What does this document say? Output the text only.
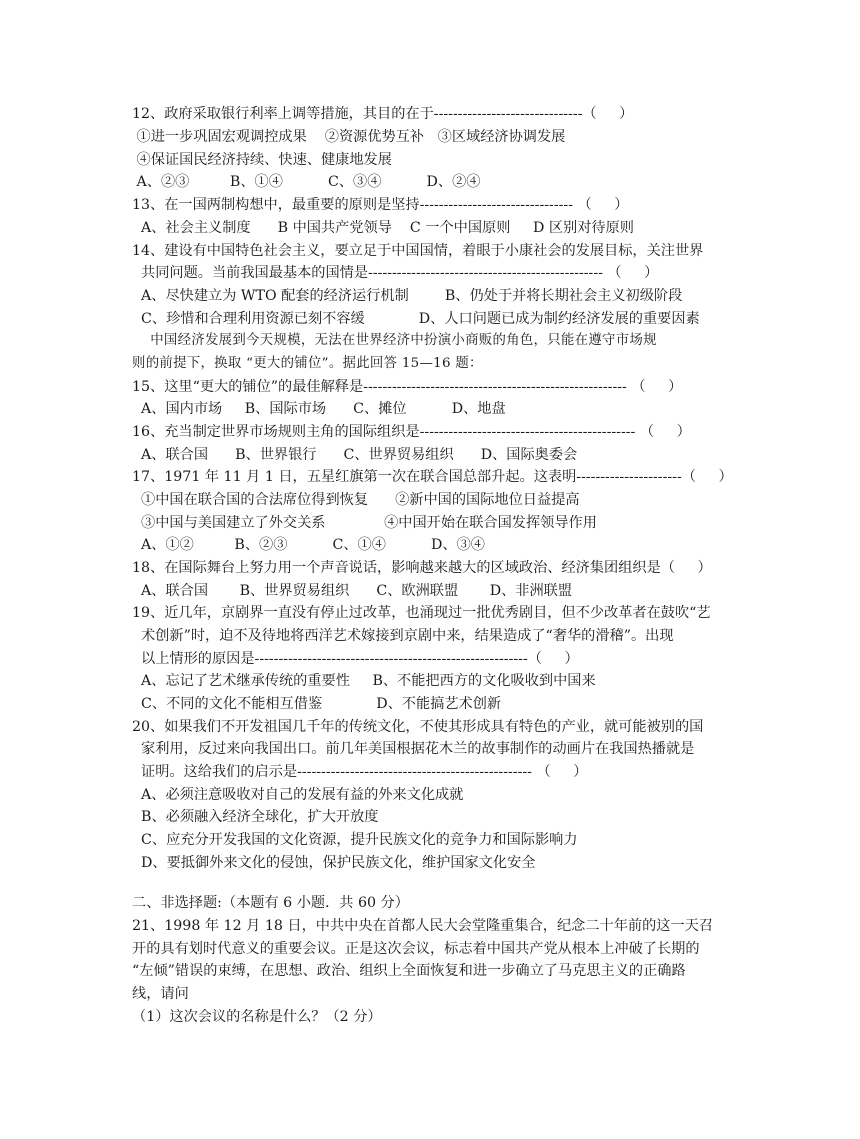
12、政府采取银行利率上调等措施，其目的在于-------------------------------（     ）
①进一步巩固宏观调控成果    ②资源优势互补   ③区域经济协调发展
④保证国民经济持续、快速、健康地发展
A、②③         B、①④          C、③④          D、②④
13、在一国两制构想中，最重要的原则是坚持-------------------------------- （     ）
A、社会主义制度      B 中国共产党领导    C 一个中国原则     D 区别对待原则
14、建设有中国特色社会主义，要立足于中国国情，着眼于小康社会的发展目标，关注世界
共同问题。当前我国最基本的国情是------------------------------------------------- （     ）
A、尽快建立为 WTO 配套的经济运行机制        B、仍处于并将长期社会主义初级阶段
C、珍惜和合理利用资源已刻不容缓            D、人口问题已成为制约经济发展的重要因素
中国经济发展到今天规模，无法在世界经济中扮演小商贩的角色，只能在遵守市场规
则的前提下，换取 “更大的铺位”。据此回答 15—16 题：
15、这里“更大的铺位”的最佳解释是------------------------------------------------------- （     ）
A、国内市场     B、国际市场      C、摊位          D、地盘
16、充当制定世界市场规则主角的国际组织是--------------------------------------------- （     ）
A、联合国      B、世界银行      C、世界贸易组织      D、国际奥委会
17、1971 年 11 月 1 日，五星红旗第一次在联合国总部升起。这表明----------------------（     ）
①中国在联合国的合法席位得到恢复      ②新中国的国际地位日益提高
③中国与美国建立了外交关系             ④中国开始在联合国发挥领导作用
A、①②         B、②③          C、①④          D、③④
18、在国际舞台上努力用一个声音说话，影响越来越大的区域政治、经济集团组织是（     ）
A、联合国       B、世界贸易组织      C、欧洲联盟       D、非洲联盟
19、近几年，京剧界一直没有停止过改革，也涌现过一批优秀剧目，但不少改革者在鼓吹“艺
术创新”时，迫不及待地将西洋艺术嫁接到京剧中来，结果造成了“奢华的滑稽”。出现
以上情形的原因是---------------------------------------------------------（     ）
A、忘记了艺术继承传统的重要性     B、不能把西方的文化吸收到中国来
C、不同的文化不能相互借鉴            D、不能搞艺术创新
20、如果我们不开发祖国几千年的传统文化，不使其形成具有特色的产业，就可能被别的国
家利用，反过来向我国出口。前几年美国根据花木兰的故事制作的动画片在我国热播就是
证明。这给我们的启示是------------------------------------------------- （     ）
A、必须注意吸收对自己的发展有益的外来文化成就
B、必须融入经济全球化，扩大开放度
C、应充分开发我国的文化资源，提升民族文化的竞争力和国际影响力
D、要抵御外来文化的侵蚀，保护民族文化，维护国家文化安全
二、非选择题:（本题有 6 小题．共 60 分）
21、1998 年 12 月 18 日，中共中央在首都人民大会堂隆重集合，纪念二十年前的这一天召
开的具有划时代意义的重要会议。正是这次会议，标志着中国共产党从根本上冲破了长期的
“左倾”错误的束缚，在思想、政治、组织上全面恢复和进一步确立了马克思主义的正确路
线，请问
（1）这次会议的名称是什么？（2 分）
